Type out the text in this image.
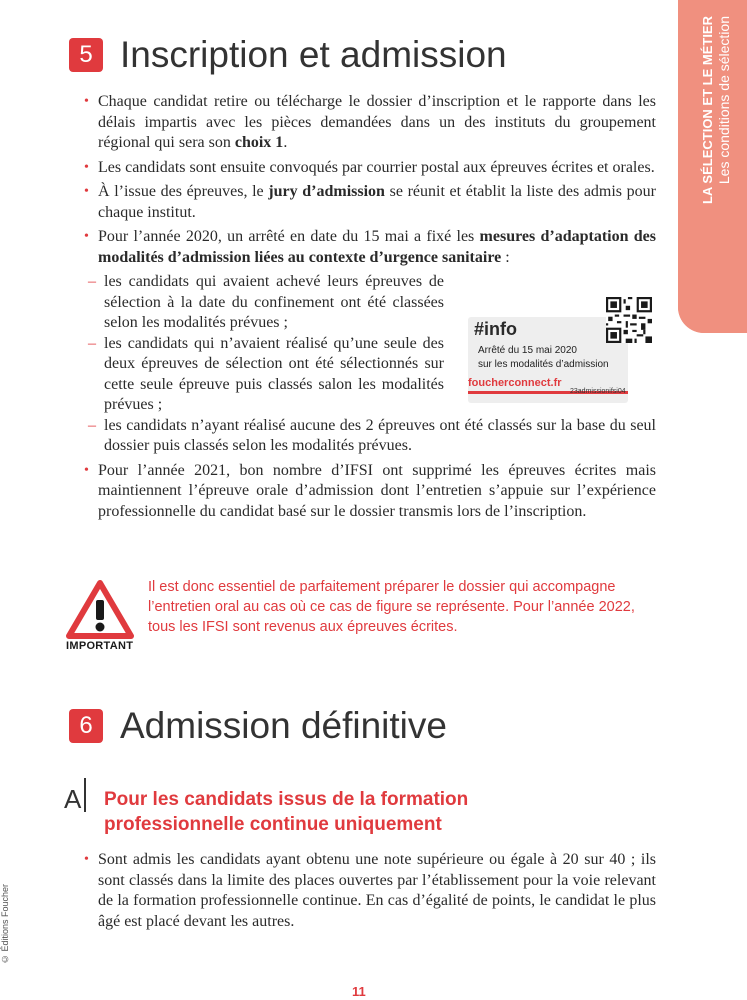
LA SÉLECTION ET LE MÉTIER Les conditions de sélection
5 Inscription et admission
• Chaque candidat retire ou télécharge le dossier d’inscription et le rapporte dans les délais impartis avec les pièces demandées dans un des instituts du groupement régional qui sera son choix 1.
• Les candidats sont ensuite convoqués par courrier postal aux épreuves écrites et orales.
• À l’issue des épreuves, le jury d’admission se réunit et établit la liste des admis pour chaque institut.
• Pour l’année 2020, un arrêté en date du 15 mai a fixé les mesures d’adaptation des modalités d’admission liées au contexte d’urgence sanitaire :
– les candidats qui avaient achevé leurs épreuves de sélection à la date du confinement ont été classées selon les modalités prévues ;
– les candidats qui n’avaient réalisé qu’une seule des deux épreuves de sélection ont été sélectionnés sur cette seule épreuve puis classés salon les modalités prévues ;
– les candidats n’ayant réalisé aucune des 2 épreuves ont été classés sur la base du seul dossier puis classés selon les modalités prévues.
• Pour l’année 2021, bon nombre d’IFSI ont supprimé les épreuves écrites mais maintiennent l’épreuve orale d’admission dont l’entretien s’appuie sur l’expérience professionnelle du candidat basé sur le dossier transmis lors de l’inscription.
#info
Arrêté du 15 mai 2020
sur les modalités d’admission
foucherconnect.fr
23admissionifsi04
IMPORTANT
Il est donc essentiel de parfaitement préparer le dossier qui accompagne
l’entretien oral au cas où ce cas de figure se représente. Pour l’année 2022,
tous les IFSI sont revenus aux épreuves écrites.
6 Admission définitive
A Pour les candidats issus de la formation
professionnelle continue uniquement
• Sont admis les candidats ayant obtenu une note supérieure ou égale à 20 sur 40 ; ils sont classés dans la limite des places ouvertes par l’établissement pour la voie relevant de la formation professionnelle continue. En cas d’égalité de points, le candidat le plus âgé est placé devant les autres.
© Éditions Foucher
11
